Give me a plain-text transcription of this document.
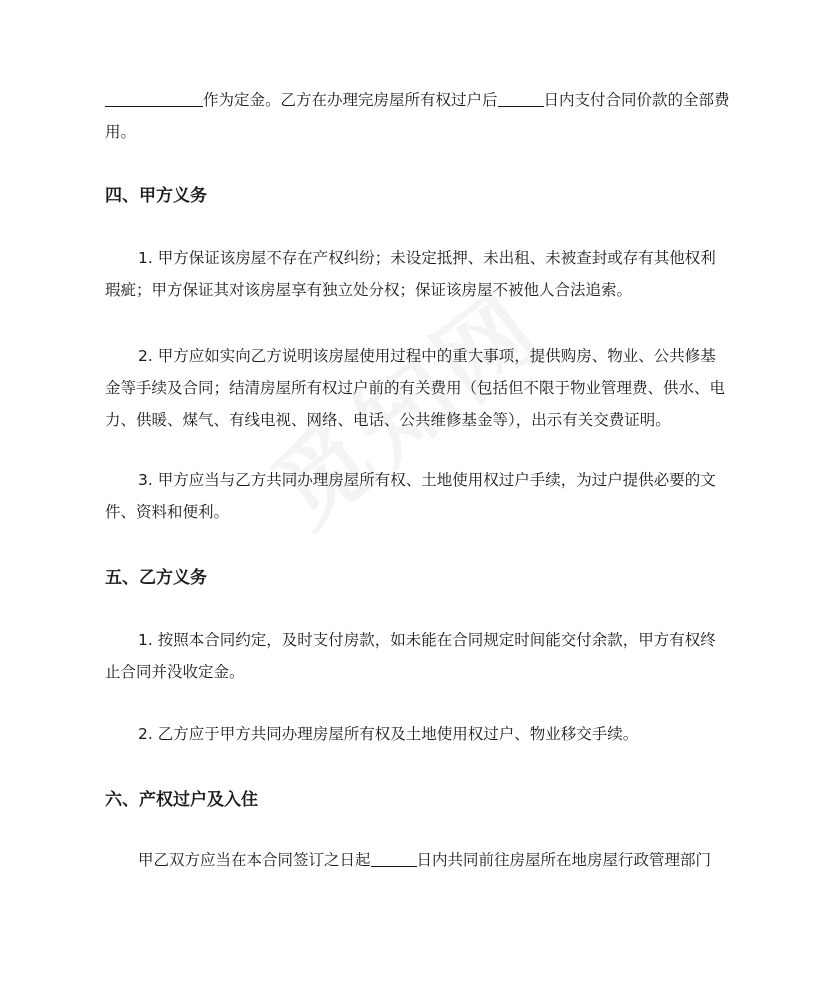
作为定金。乙方在办理完房屋所有权过户后	日内支付合同价款的全部费用。

四、甲方义务

1. 甲方保证该房屋不存在产权纠纷；未设定抵押、未出租、未被查封或存有其他权利瑕疵；甲方保证其对该房屋享有独立处分权；保证该房屋不被他人合法追索。

2. 甲方应如实向乙方说明该房屋使用过程中的重大事项，提供购房、物业、公共修基金等手续及合同；结清房屋所有权过户前的有关费用（包括但不限于物业管理费、供水、电力、供暖、煤气、有线电视、网络、电话、公共维修基金等），出示有关交费证明。

3. 甲方应当与乙方共同办理房屋所有权、土地使用权过户手续，为过户提供必要的文件、资料和便利。

五、乙方义务

1. 按照本合同约定，及时支付房款，如未能在合同规定时间能交付余款，甲方有权终止合同并没收定金。

2. 乙方应于甲方共同办理房屋所有权及土地使用权过户、物业移交手续。

六、产权过户及入住

甲乙双方应当在本合同签订之日起	日内共同前往房屋所在地房屋行政管理部门
